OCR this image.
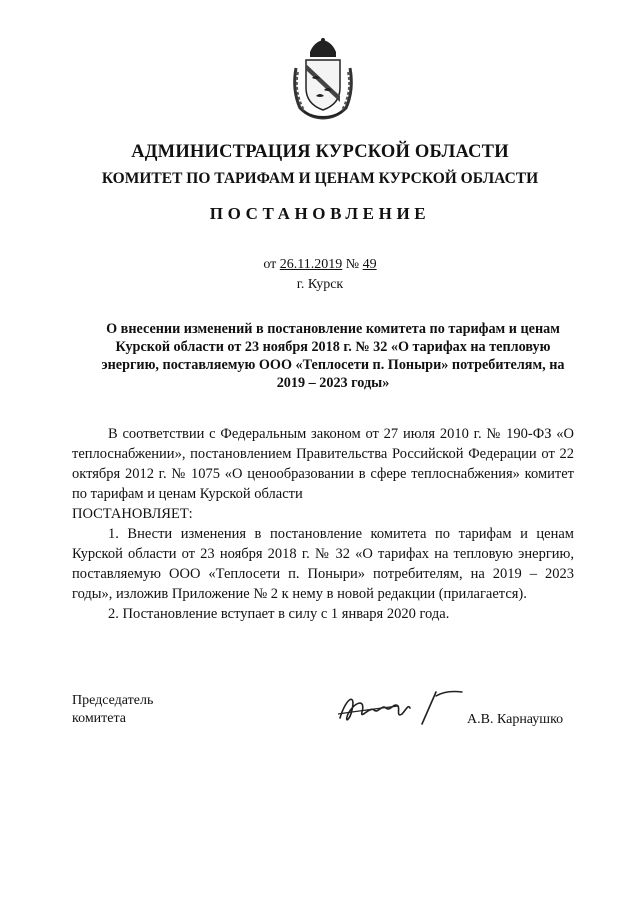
АДМИНИСТРАЦИЯ КУРСКОЙ ОБЛАСТИ
КОМИТЕТ ПО ТАРИФАМ И ЦЕНАМ КУРСКОЙ ОБЛАСТИ
ПОСТАНОВЛЕНИЕ
от 26.11.2019 № 49
г. Курск
О внесении изменений в постановление комитета по тарифам и ценам Курской области от 23 ноября 2018 г. № 32 «О тарифах на тепловую энергию, поставляемую ООО «Теплосети п. Поныри» потребителям, на 2019 – 2023 годы»

В соответствии с Федеральным законом от 27 июля 2010 г. № 190-ФЗ «О теплоснабжении», постановлением Правительства Российской Федерации от 22 октября 2012 г. № 1075 «О ценообразовании в сфере теплоснабжения» комитет по тарифам и ценам Курской области

ПОСТАНОВЛЯЕТ:

1. Внести изменения в постановление комитета по тарифам и ценам Курской области от 23 ноября 2018 г. № 32 «О тарифах на тепловую энергию, поставляемую ООО «Теплосети п. Поныри» потребителям, на 2019 – 2023 годы», изложив Приложение № 2 к нему в новой редакции (прилагается).

2. Постановление вступает в силу с 1 января 2020 года.

Председатель
комитета	А.В. Карнаушко
